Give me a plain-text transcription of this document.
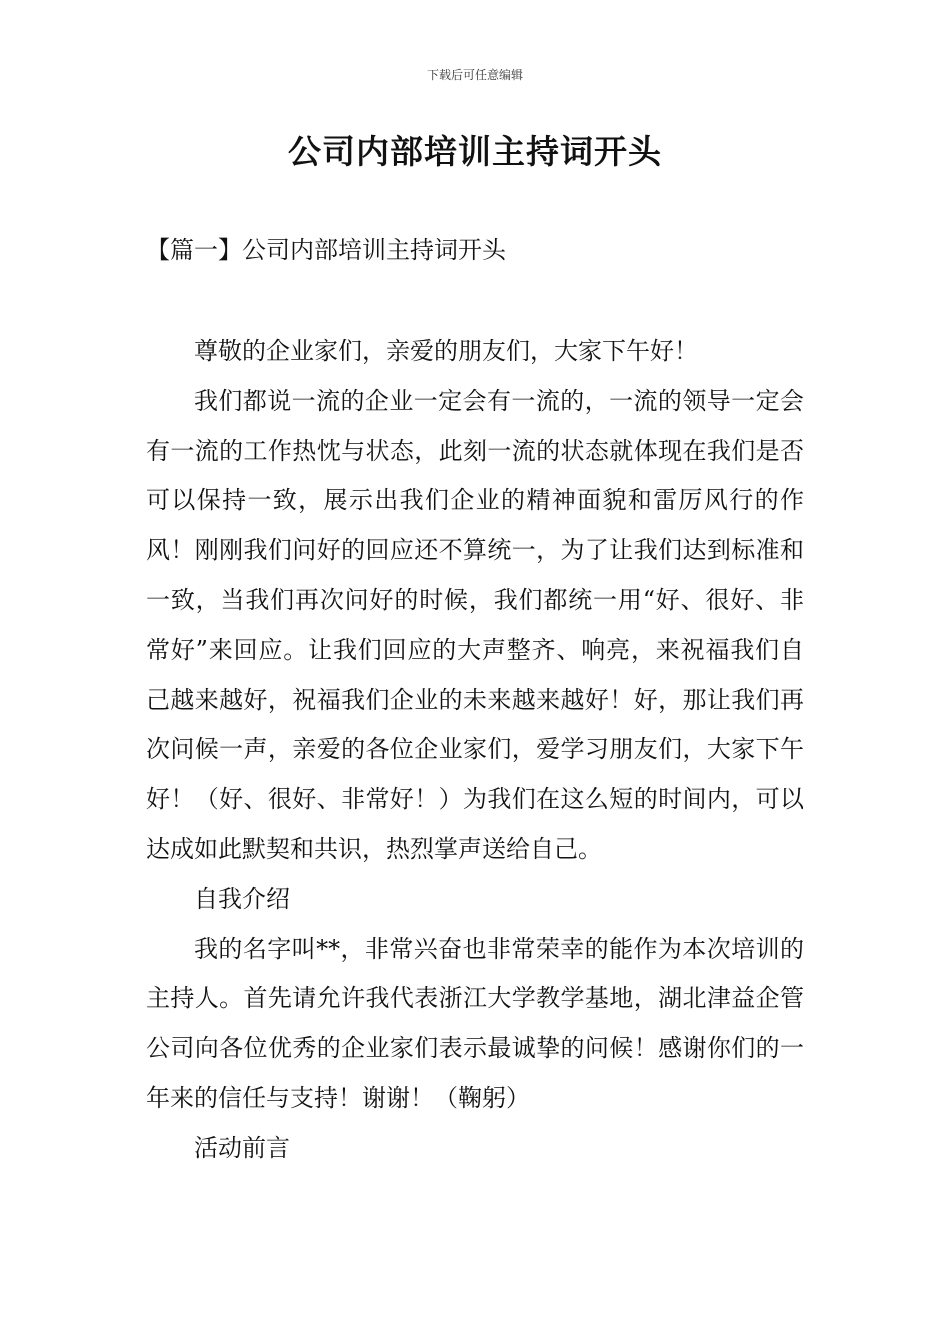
下载后可任意编辑
公司内部培训主持词开头
【篇一】公司内部培训主持词开头

尊敬的企业家们，亲爱的朋友们，大家下午好！

我们都说一流的企业一定会有一流的，一流的领导一定会有一流的工作热忱与状态，此刻一流的状态就体现在我们是否可以保持一致，展示出我们企业的精神面貌和雷厉风行的作风！刚刚我们问好的回应还不算统一，为了让我们达到标准和一致，当我们再次问好的时候，我们都统一用“好、很好、非常好”来回应。让我们回应的大声整齐、响亮，来祝福我们自己越来越好，祝福我们企业的未来越来越好！好，那让我们再次问候一声，亲爱的各位企业家们，爱学习朋友们，大家下午好！（好、很好、非常好！）为我们在这么短的时间内，可以达成如此默契和共识，热烈掌声送给自己。

自我介绍

我的名字叫**，非常兴奋也非常荣幸的能作为本次培训的主持人。首先请允许我代表浙江大学教学基地，湖北津益企管公司向各位优秀的企业家们表示最诚挚的问候！感谢你们的一年来的信任与支持！谢谢！（鞠躬）

活动前言
